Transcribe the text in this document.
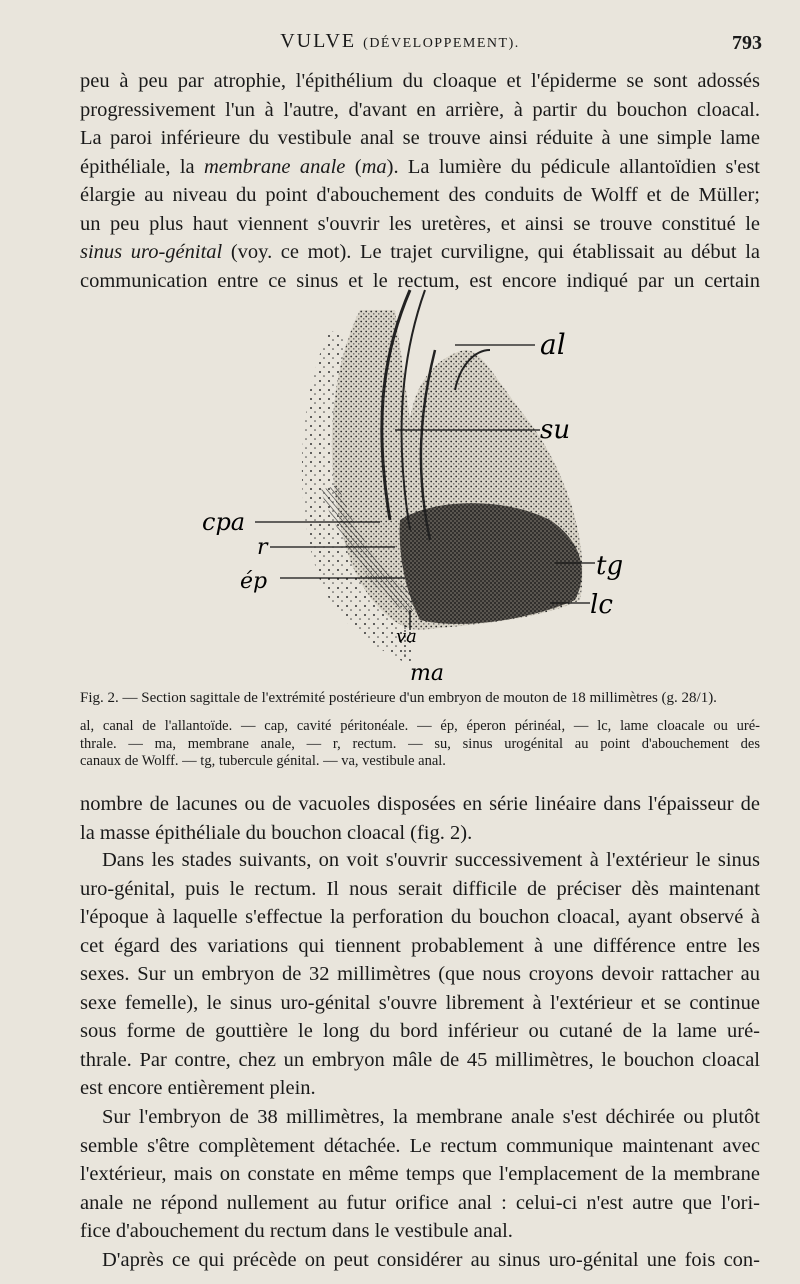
VULVE (DÉVELOPPEMENT).	793

peu à peu par atrophie, l'épithélium du cloaque et l'épiderme se sont adossés
progressivement l'un à l'autre, d'avant en arrière, à partir du bouchon cloacal.
La paroi inférieure du vestibule anal se trouve ainsi réduite à une simple lame
épithéliale, la membrane anale (ma). La lumière du pédicule allantoïdien s'est
élargie au niveau du point d'abouchement des conduits de Wolff et de Müller;
un peu plus haut viennent s'ouvrir les uretères, et ainsi se trouve constitué le
sinus uro-génital (voy. ce mot). Le trajet curviligne, qui établissait au début la
communication entre ce sinus et le rectum, est encore indiqué par un certain

al
su
cpa
r
ép
tg
lc
va
ma
Fig. 2. — Section sagittale de l'extrémité postérieure d'un embryon de mouton de 18 millimètres (g. 28/1).
al, canal de l'allantoïde. — cap, cavité péritonéale. — ép, éperon périnéal, — lc, lame cloacale ou uré-
thrale. — ma, membrane anale, — r, rectum. — su, sinus urogénital au point d'abouchement des
canaux de Wolff. — tg, tubercule génital. — va, vestibule anal.

nombre de lacunes ou de vacuoles disposées en série linéaire dans l'épaisseur de
la masse épithéliale du bouchon cloacal (fig. 2).

Dans les stades suivants, on voit s'ouvrir successivement à l'extérieur le sinus
uro-génital, puis le rectum. Il nous serait difficile de préciser dès maintenant
l'époque à laquelle s'effectue la perforation du bouchon cloacal, ayant observé à
cet égard des variations qui tiennent probablement à une différence entre les
sexes. Sur un embryon de 32 millimètres (que nous croyons devoir rattacher au
sexe femelle), le sinus uro-génital s'ouvre librement à l'extérieur et se continue
sous forme de gouttière le long du bord inférieur ou cutané de la lame uré-
thrale. Par contre, chez un embryon mâle de 45 millimètres, le bouchon cloacal
est encore entièrement plein.

Sur l'embryon de 38 millimètres, la membrane anale s'est déchirée ou plutôt
semble s'être complètement détachée. Le rectum communique maintenant avec
l'extérieur, mais on constate en même temps que l'emplacement de la membrane
anale ne répond nullement au futur orifice anal : celui-ci n'est autre que l'ori-
fice d'abouchement du rectum dans le vestibule anal.

D'après ce qui précède on peut considérer au sinus uro-génital une fois con-
